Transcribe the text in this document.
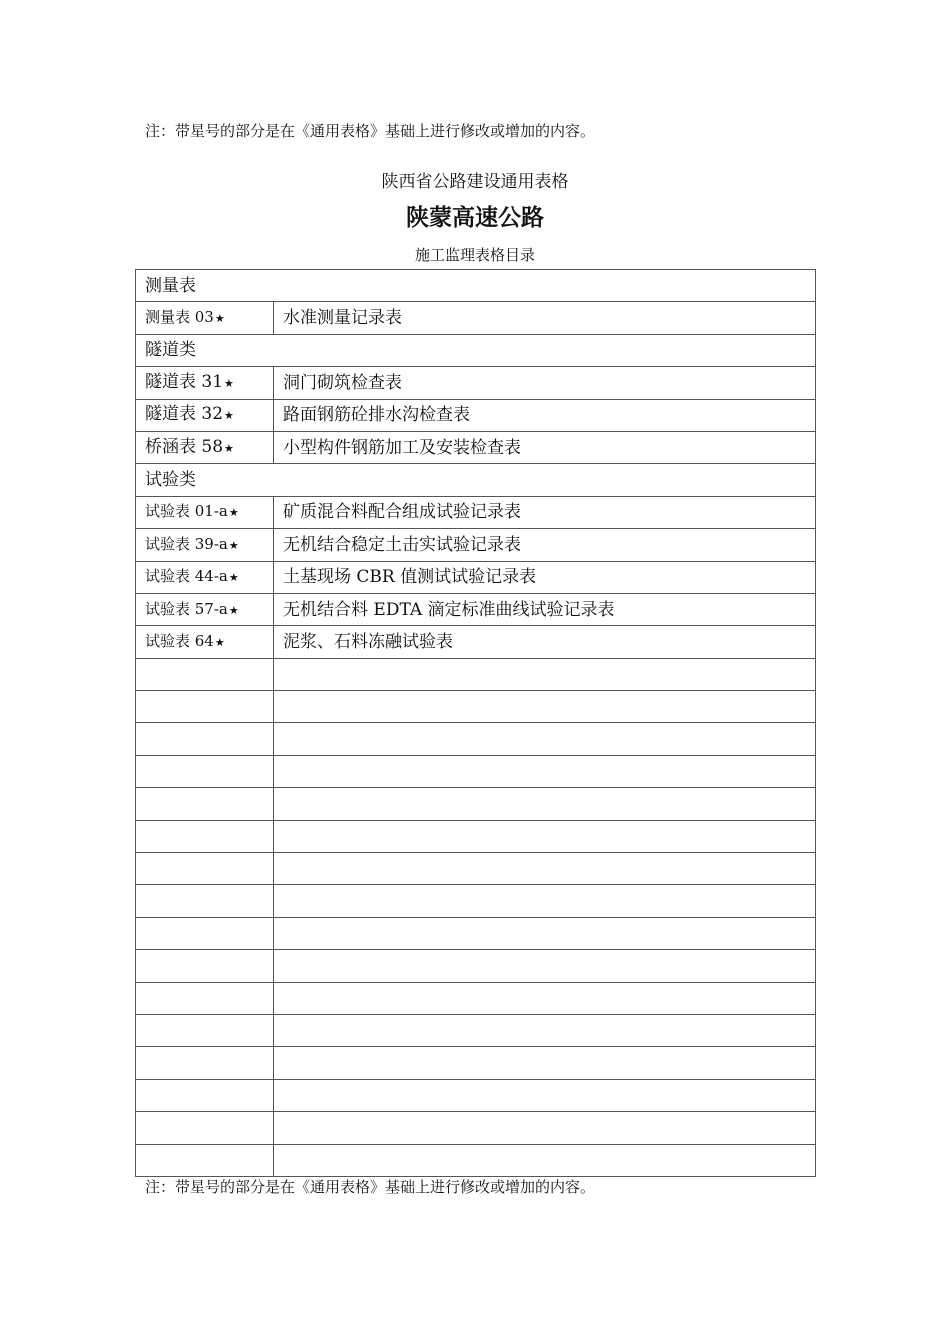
注：带星号的部分是在《通用表格》基础上进行修改或增加的内容。
陕西省公路建设通用表格
陕蒙高速公路
施工监理表格目录
测量表	
测量表 03★	水准测量记录表
隧道类	
隧道表 31★	洞门砌筑检查表
隧道表 32★	路面钢筋砼排水沟检查表
桥涵表 58★	小型构件钢筋加工及安装检查表
试验类	
试验表 01-a★	矿质混合料配合组成试验记录表
试验表 39-a★	无机结合稳定土击实试验记录表
试验表 44-a★	土基现场 CBR 值测试试验记录表
试验表 57-a★	无机结合料 EDTA 滴定标准曲线试验记录表
试验表 64★	泥浆、石料冻融试验表

注：带星号的部分是在《通用表格》基础上进行修改或增加的内容。
